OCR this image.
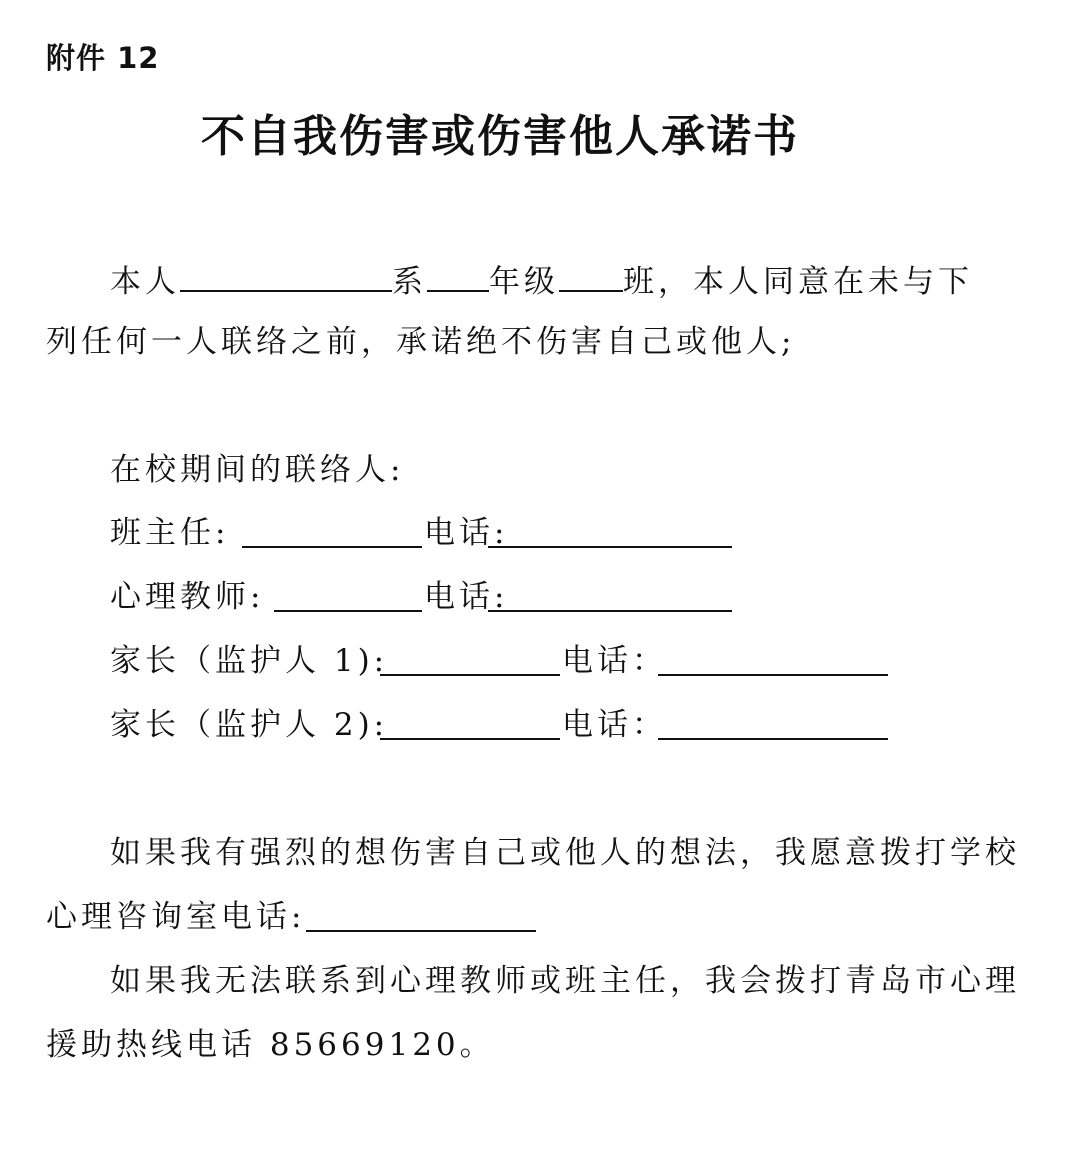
附件 12
不自我伤害或伤害他人承诺书
本人	系 年级 班，本人同意在未与下
列任何一人联络之前，承诺绝不伤害自己或他人;
在校期间的联络人:
班主任:	电话:
心理教师:	电话:
家长（监护人 1):	电话：
家长（监护人 2):	电话：
如果我有强烈的想伤害自己或他人的想法，我愿意拨打学校
心理咨询室电话:
如果我无法联系到心理教师或班主任，我会拨打青岛市心理
援助热线电话 85669120。
